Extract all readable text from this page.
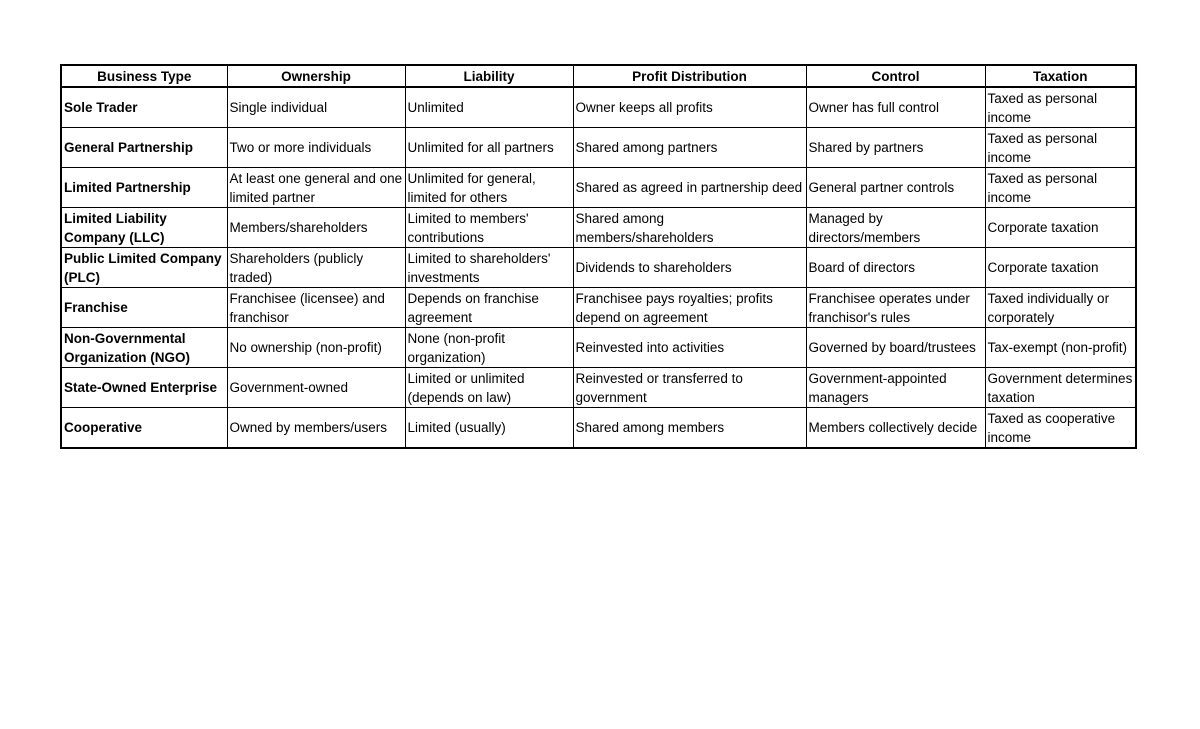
Business Type	Ownership	Liability	Profit Distribution	Control	Taxation
Sole Trader	Single individual	Unlimited	Owner keeps all profits	Owner has full control	Taxed as personal income
General Partnership	Two or more individuals	Unlimited for all partners	Shared among partners	Shared by partners	Taxed as personal income
Limited Partnership	At least one general and one limited partner	Unlimited for general, limited for others	Shared as agreed in partnership deed	General partner controls	Taxed as personal income
Limited Liability Company (LLC)	Members/shareholders	Limited to members' contributions	Shared among members/shareholders	Managed by directors/members	Corporate taxation
Public Limited Company (PLC)	Shareholders (publicly traded)	Limited to shareholders' investments	Dividends to shareholders	Board of directors	Corporate taxation
Franchise	Franchisee (licensee) and franchisor	Depends on franchise agreement	Franchisee pays royalties; profits depend on agreement	Franchisee operates under franchisor's rules	Taxed individually or corporately
Non-Governmental Organization (NGO)	No ownership (non-profit)	None (non-profit organization)	Reinvested into activities	Governed by board/trustees	Tax-exempt (non-profit)
State-Owned Enterprise	Government-owned	Limited or unlimited (depends on law)	Reinvested or transferred to government	Government-appointed managers	Government determines taxation
Cooperative	Owned by members/users	Limited (usually)	Shared among members	Members collectively decide	Taxed as cooperative income
